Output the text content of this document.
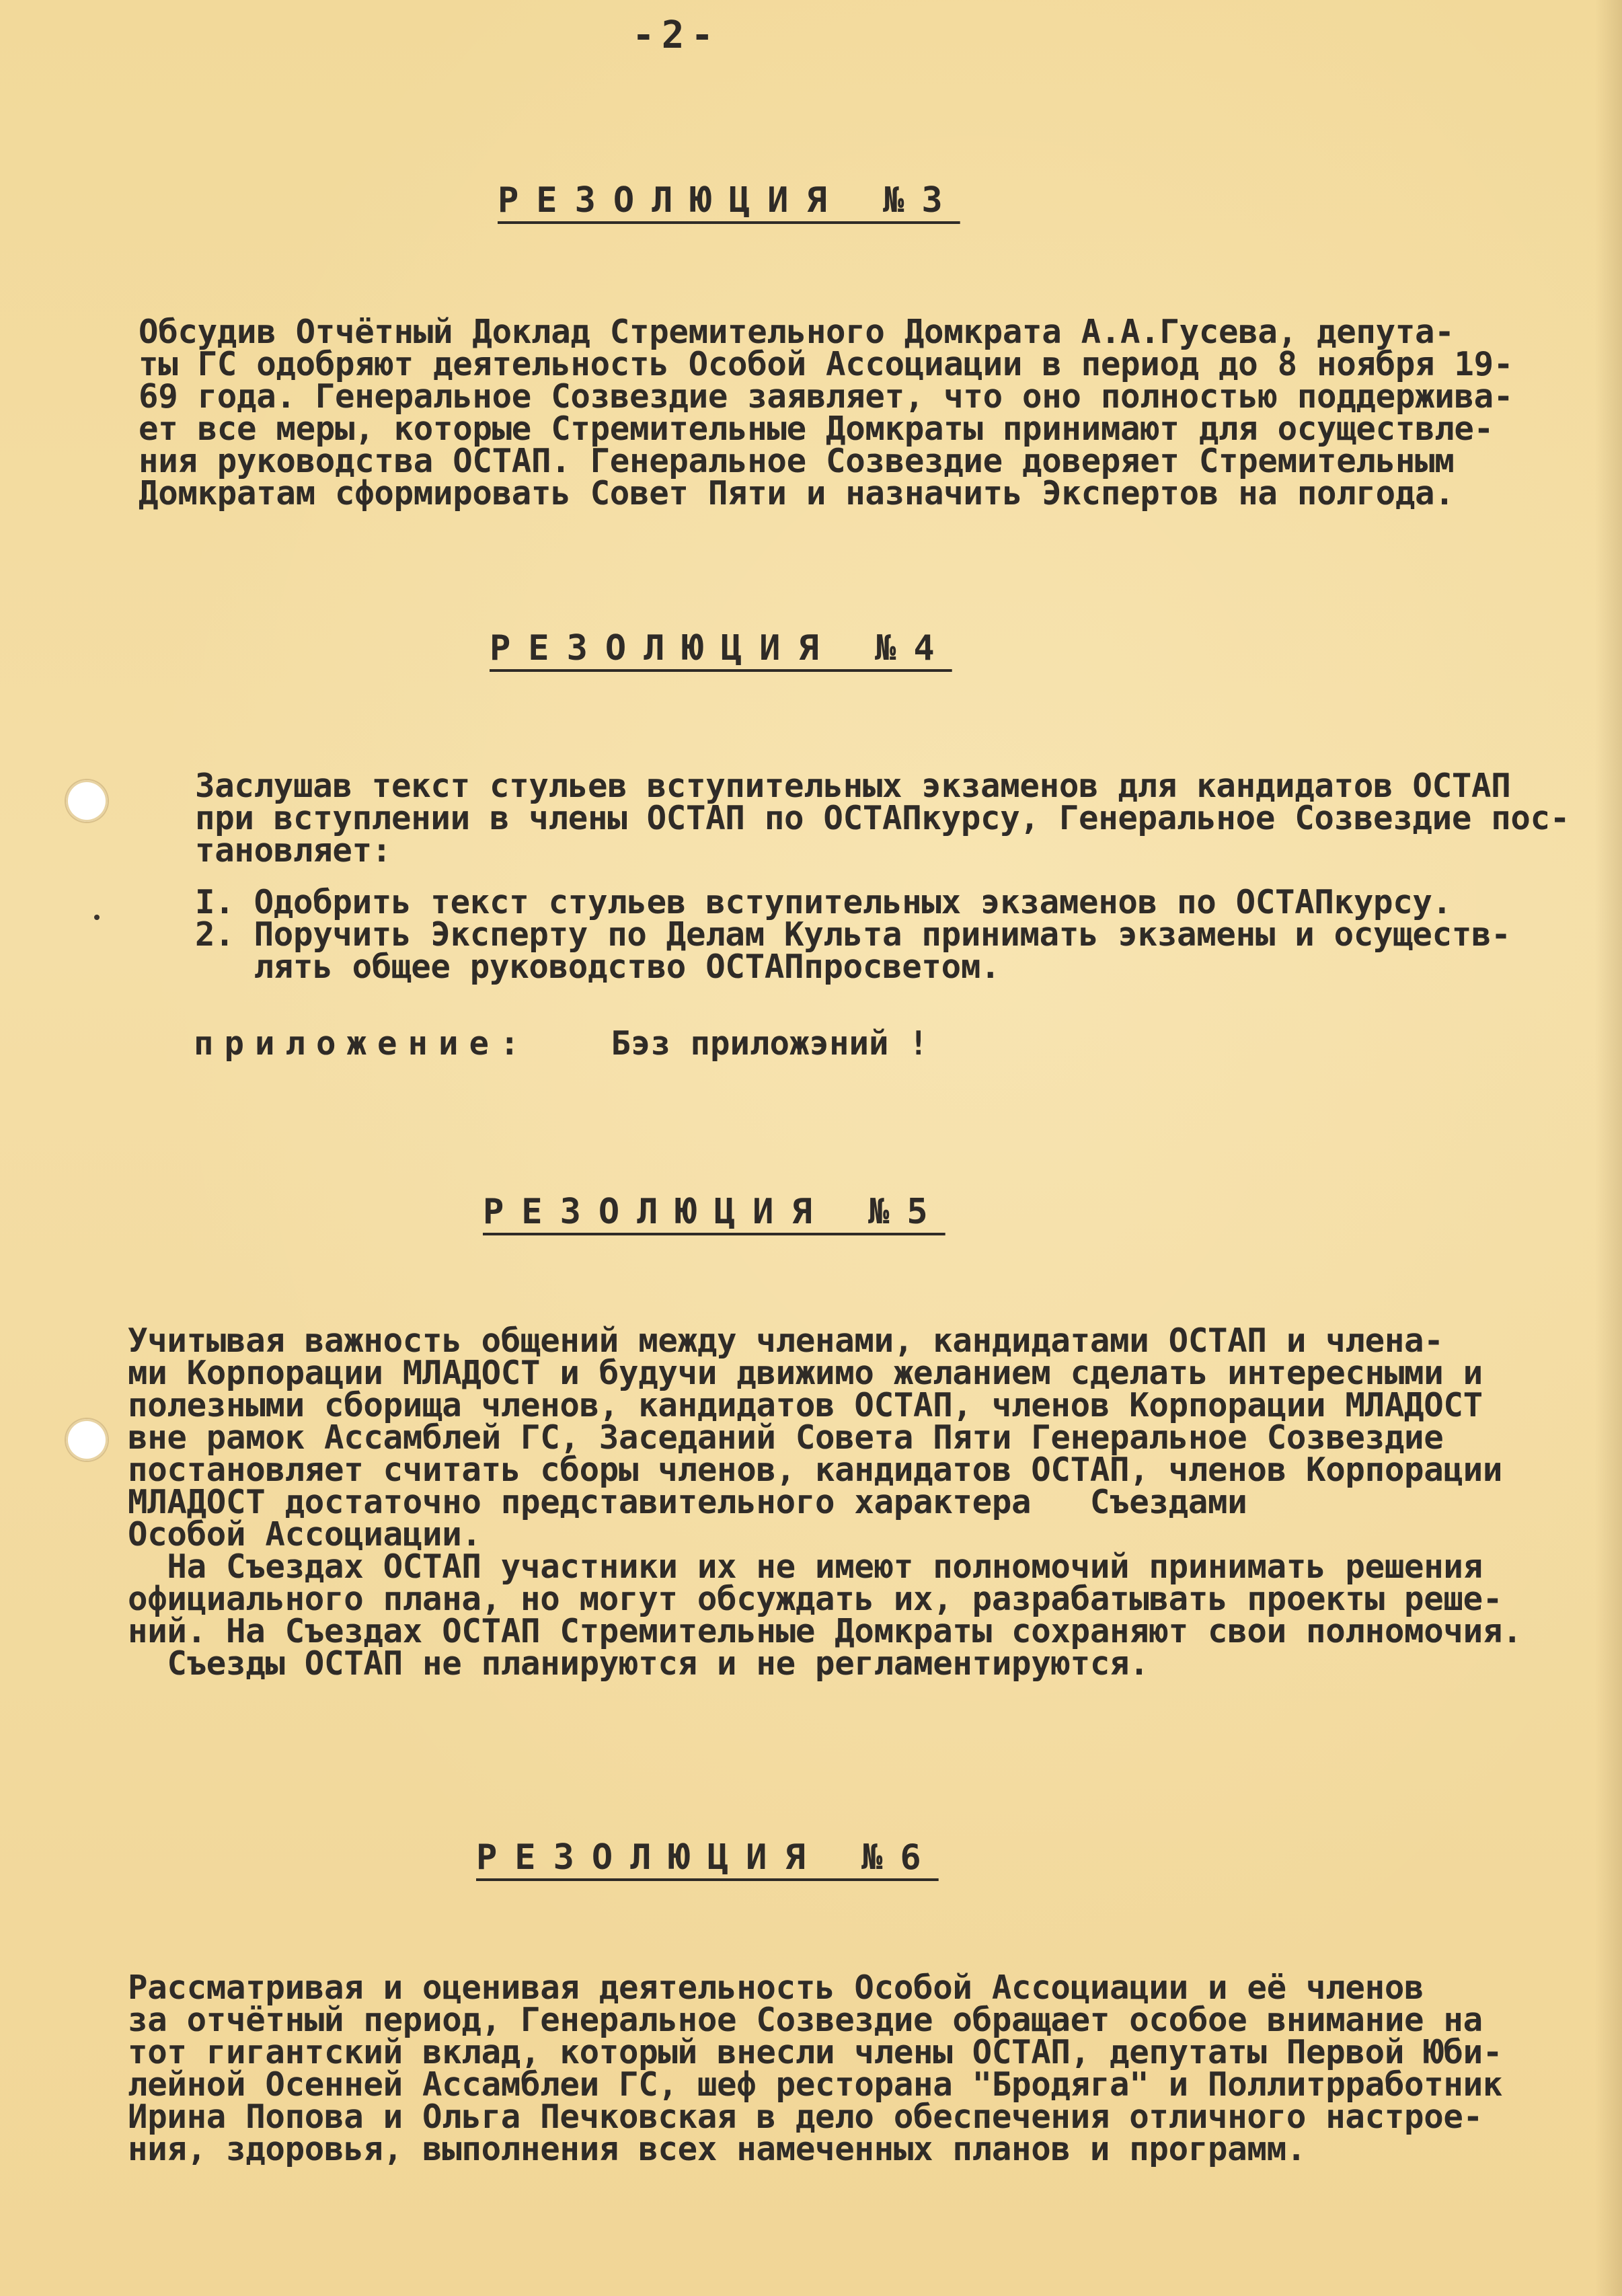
-2-
РЕЗОЛЮЦИЯ №3
Обсудив Отчётный Доклад Стремительного Домкрата А.А.Гусева, депута-
ты ГС одобряют деятельность Особой Ассоциации в период до 8 ноября 19-
69 года. Генеральное Созвездие заявляет, что оно полностью поддержива-
ет все меры, которые Стремительные Домкраты принимают для осуществле-
ния руководства ОСТАП. Генеральное Созвездие доверяет Стремительным
Домкратам сформировать Совет Пяти и назначить Экспертов на полгода.
РЕЗОЛЮЦИЯ №4
Заслушав текст стульев вступительных экзаменов для кандидатов ОСТАП
при вступлении в члены ОСТАП по ОСТАПкурсу, Генеральное Созвездие пос-
тановляет:
I. Одобрить текст стульев вступительных экзаменов по ОСТАПкурсу.
2. Поручить Эксперту по Делам Культа принимать экзамены и осуществ-
лять общее руководство ОСТАПпросветом.
приложение: Бэз приложэний !
РЕЗОЛЮЦИЯ №5
Учитывая важность общений между членами, кандидатами ОСТАП и члена-
ми Корпорации МЛАДОСТ и будучи движимо желанием сделать интересными и
полезными сборища членов, кандидатов ОСТАП, членов Корпорации МЛАДОСТ
вне рамок Ассамблей ГС, Заседаний Совета Пяти Генеральное Созвездие
постановляет считать сборы членов, кандидатов ОСТАП, членов Корпорации
МЛАДОСТ достаточно представительного характера   Съездами
Особой Ассоциации.
На Съездах ОСТАП участники их не имеют полномочий принимать решения
официального плана, но могут обсуждать их, разрабатывать проекты реше-
ний. На Съездах ОСТАП Стремительные Домкраты сохраняют свои полномочия.
Съезды ОСТАП не планируются и не регламентируются.
РЕЗОЛЮЦИЯ №6
Рассматривая и оценивая деятельность Особой Ассоциации и её членов
за отчётный период, Генеральное Созвездие обращает особое внимание на
тот гигантский вклад, который внесли члены ОСТАП, депутаты Первой Юби-
лейной Осенней Ассамблеи ГС, шеф ресторана "Бродяга" и Поллитрработник
Ирина Попова и Ольга Печковская в дело обеспечения отличного настрое-
ния, здоровья, выполнения всех намеченных планов и программ.
